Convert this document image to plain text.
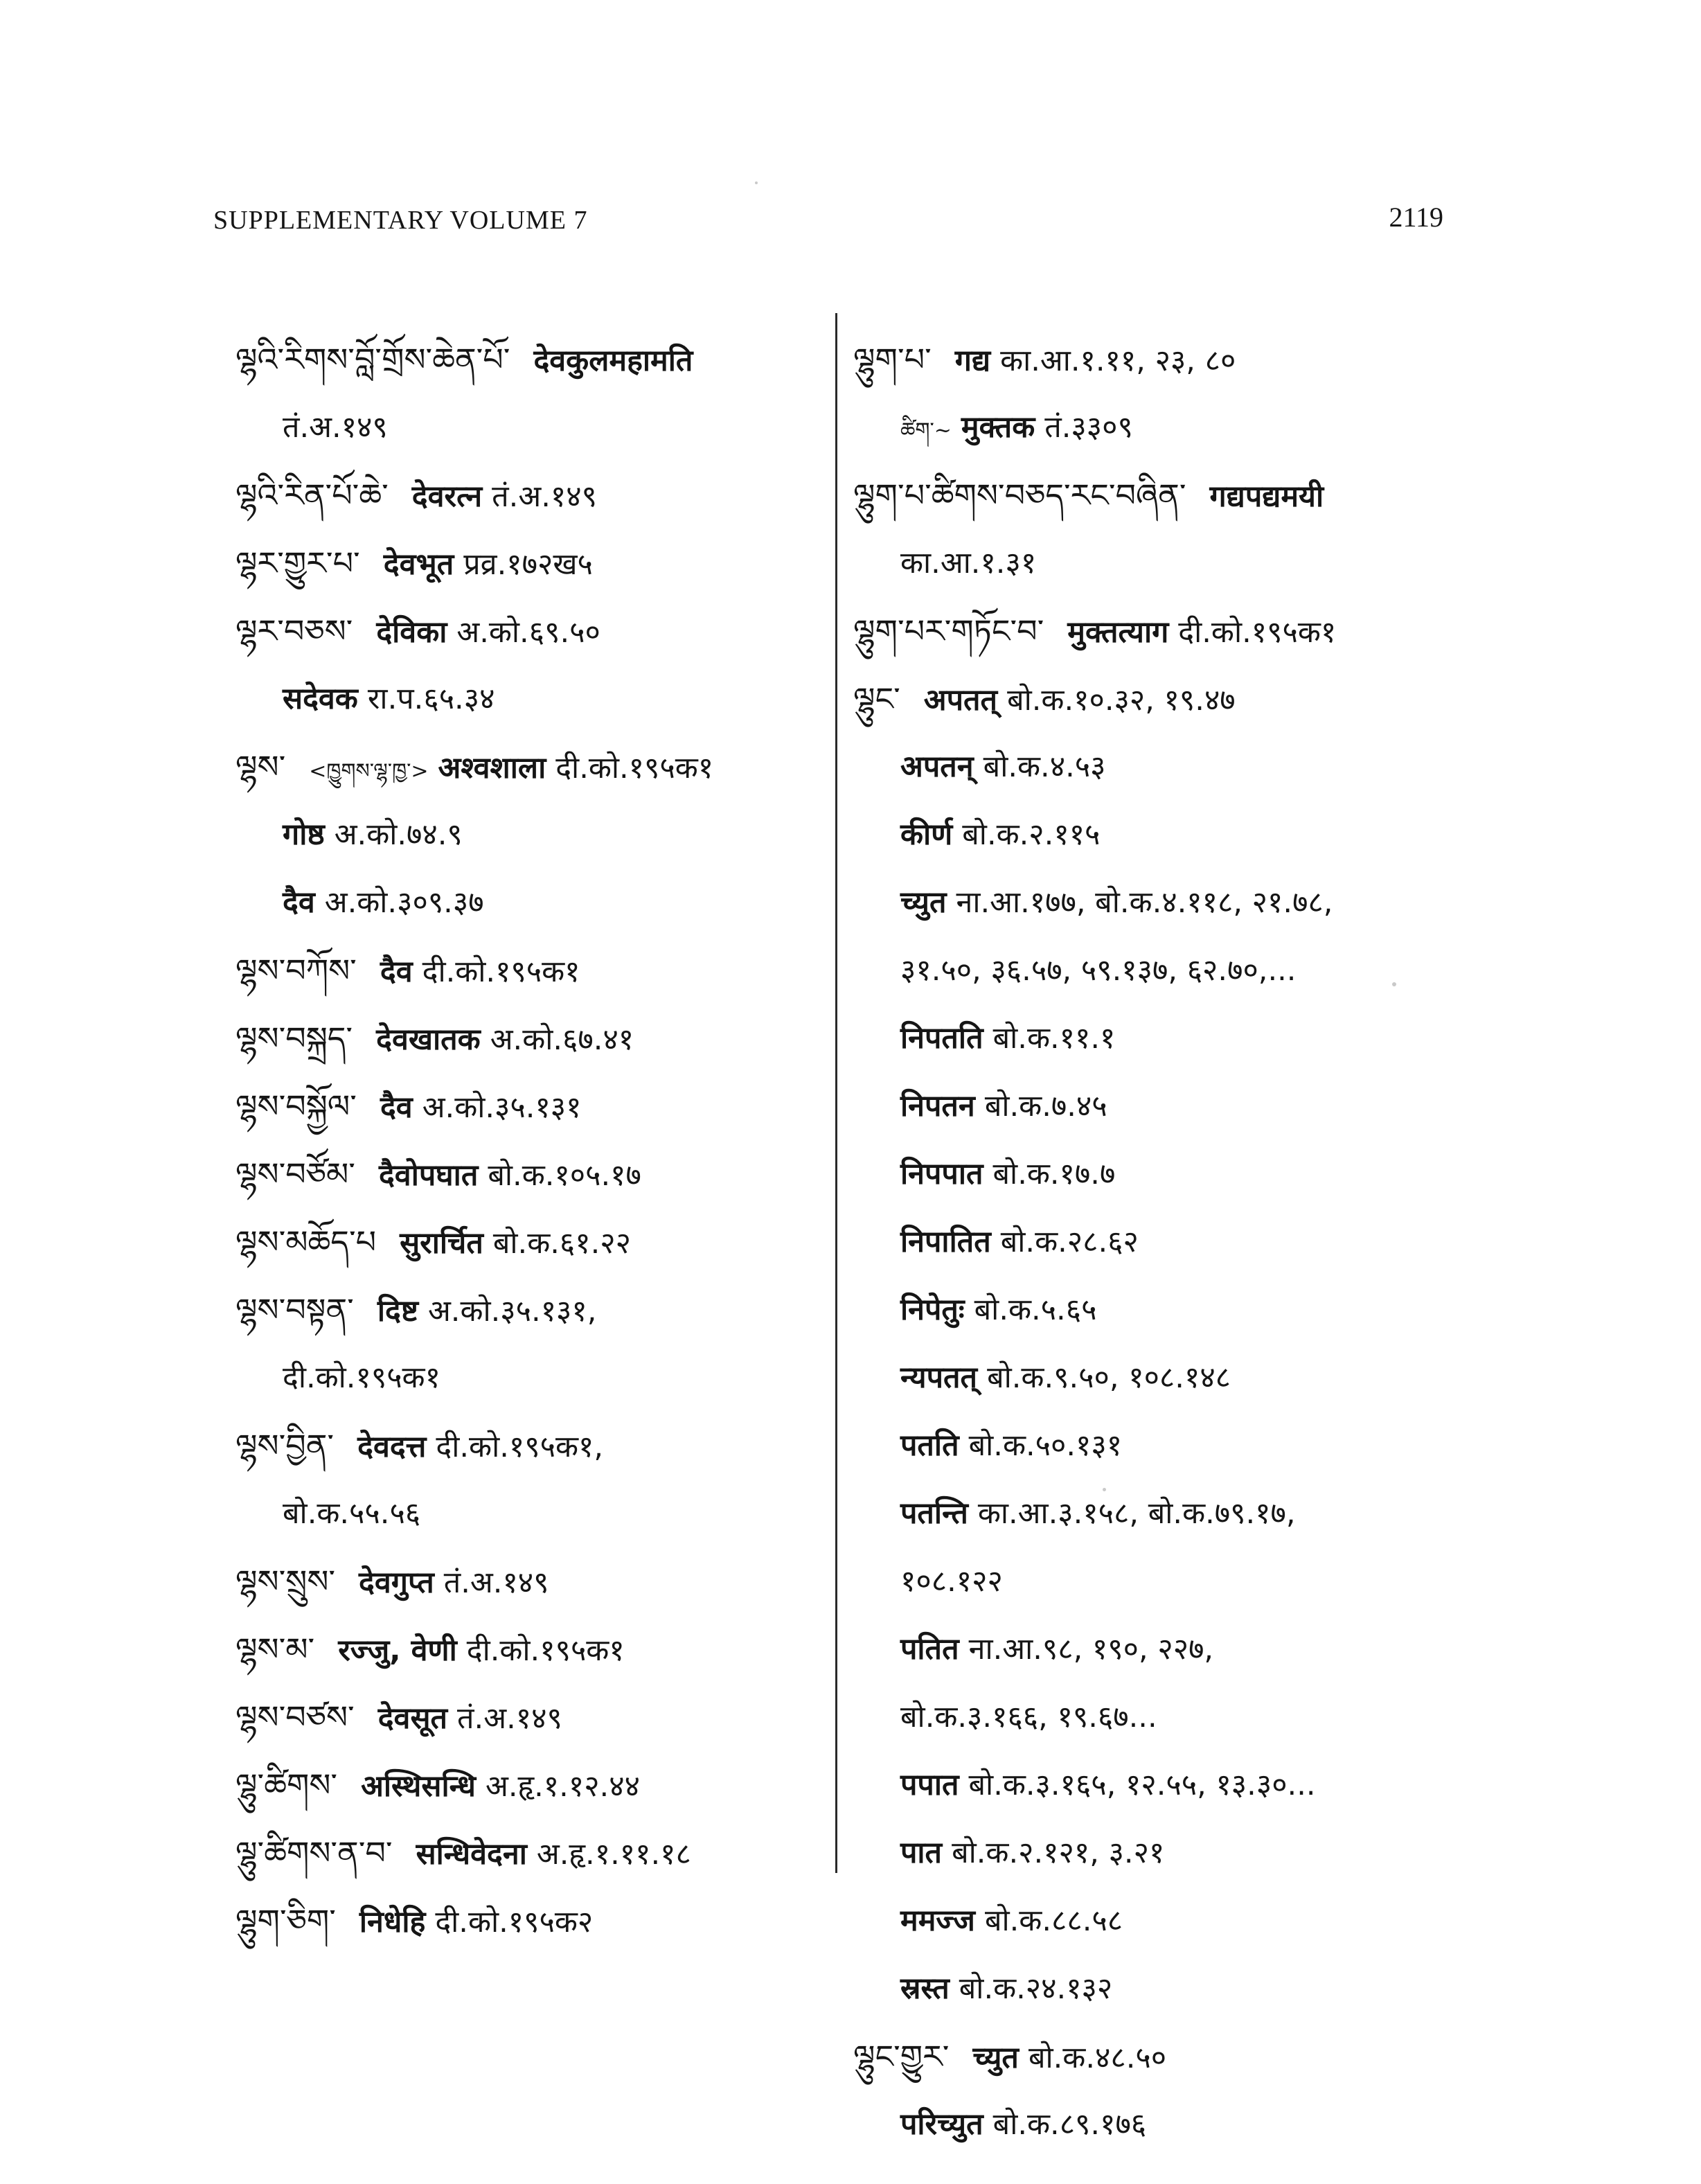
SUPPLEMENTARY VOLUME 7	2119
ལྷའི་རིགས་བློ་གྲོས་ཆེན་པོ་ देवकुलमहामति
तं.अ.१४९
ལྷའི་རིན་པོ་ཆེ་ देवरत्न तं.अ.१४९
ལྷར་གྱུར་པ་ देवभूत प्रव्र.१७२ख५
ལྷར་བཅས་ देविका अ.को.६९.५०
सदेवक रा.प.६५.३४
ལྷས་ <ཁྱུགས་ལྷ་ཁྱ་> अश्वशाला दी.को.१९५क१
गोष्ठ अ.को.७४.९
दैव अ.को.३०९.३७
ལྷས་བཀོས་ दैव दी.को.१९५क१
ལྷས་བསྐྲད་ देवखातक अ.को.६७.४१
ལྷས་བསྐྱོལ་ दैव अ.को.३५.१३१
ལྷས་བཙོམ་ दैवोपघात बो.क.१०५.१७
ལྷས་མཆོད་པ सुरार्चित बो.क.६१.२२
ལྷས་བསྟན་ दिष्ट अ.को.३५.१३१,
दी.को.१९५क१
ལྷས་བྱིན་ देवदत्त दी.को.१९५क१,
बो.क.५५.५६
ལྷས་སྲུས་ देवगुप्त तं.अ.१४९
ལྷས་མ་ रज्जु, वेणी दी.को.१९५क१
ལྷས་བཙས་ देवसूत तं.अ.१४९
ལྷུ་ཚིགས་ अस्थिसन्धि अ.हृ.१.१२.४४
ལྷུ་ཚིགས་ན་བ་ सन्धिवेदना अ.हृ.१.११.१८
ལྷུག་ཅིག་ निधेहि दी.को.१९५क२
ལྷུག་པ་ गद्य का.आ.१.११, २३, ८०
ཚིག་~ मुक्तक तं.३३०९
ལྷུག་པ་ཚིགས་བཅད་རང་བཞིན་ गद्यपद्यमयी
का.आ.१.३१
ལྷུག་པར་གཏོང་བ་ मुक्तत्याग दी.को.१९५क१
ལྷུང་ अपतत् बो.क.१०.३२, १९.४७
अपतन् बो.क.४.५३
कीर्ण बो.क.२.११५
च्युत ना.आ.१७७, बो.क.४.११८, २१.७८,
३१.५०, ३६.५७, ५९.१३७, ६२.७०,...
निपतति बो.क.११.१
निपतन बो.क.७.४५
निपपात बो.क.१७.७
निपातित बो.क.२८.६२
निपेतुः बो.क.५.६५
न्यपतत् बो.क.९.५०, १०८.१४८
पतति बो.क.५०.१३१
पतन्ति का.आ.३.१५८, बो.क.७९.१७,
१०८.१२२
पतित ना.आ.९८, १९०, २२७,
बो.क.३.१६६, १९.६७...
पपात बो.क.३.१६५, १२.५५, १३.३०...
पात बो.क.२.१२१, ३.२१
ममज्ज बो.क.८८.५८
स्रस्त बो.क.२४.१३२
ལྷུང་གྱུར་ च्युत बो.क.४८.५०
परिच्युत बो.क.८९.१७६
